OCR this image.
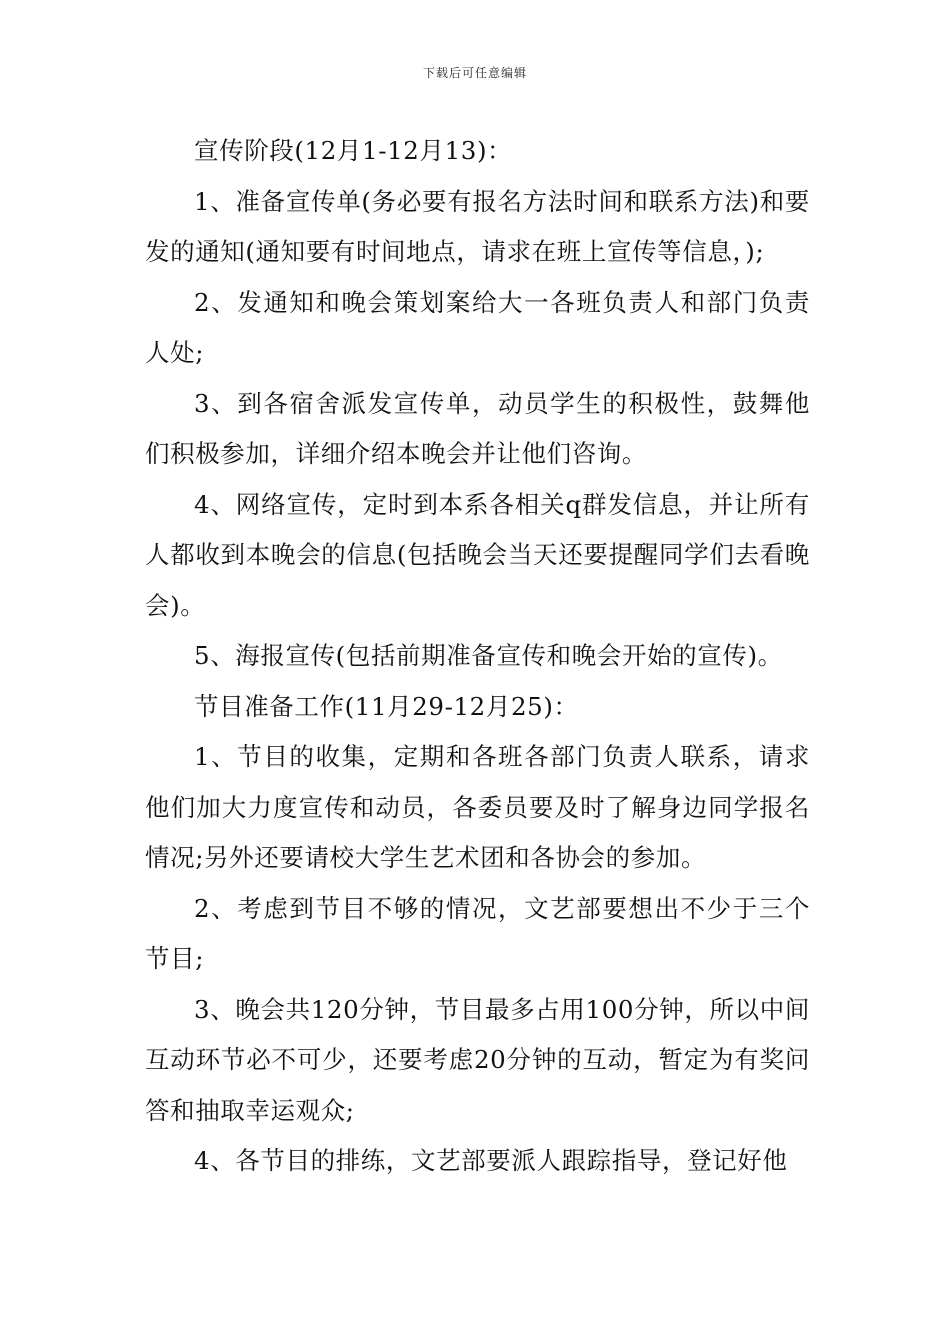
下载后可任意编辑

宣传阶段(12月1-12月13)：

1、准备宣传单(务必要有报名方法时间和联系方法)和要发的通知(通知要有时间地点，请求在班上宣传等信息，);

2、发通知和晚会策划案给大一各班负责人和部门负责人处;

3、到各宿舍派发宣传单，动员学生的积极性，鼓舞他们积极参加，详细介绍本晚会并让他们咨询。

4、网络宣传，定时到本系各相关q群发信息，并让所有人都收到本晚会的信息(包括晚会当天还要提醒同学们去看晚会)。

5、海报宣传(包括前期准备宣传和晚会开始的宣传)。

节目准备工作(11月29-12月25)：

1、节目的收集，定期和各班各部门负责人联系，请求他们加大力度宣传和动员，各委员要及时了解身边同学报名情况;另外还要请校大学生艺术团和各协会的参加。

2、考虑到节目不够的情况，文艺部要想出不少于三个节目;

3、晚会共120分钟，节目最多占用100分钟，所以中间互动环节必不可少，还要考虑20分钟的互动，暂定为有奖问答和抽取幸运观众;

4、各节目的排练，文艺部要派人跟踪指导，登记好他
